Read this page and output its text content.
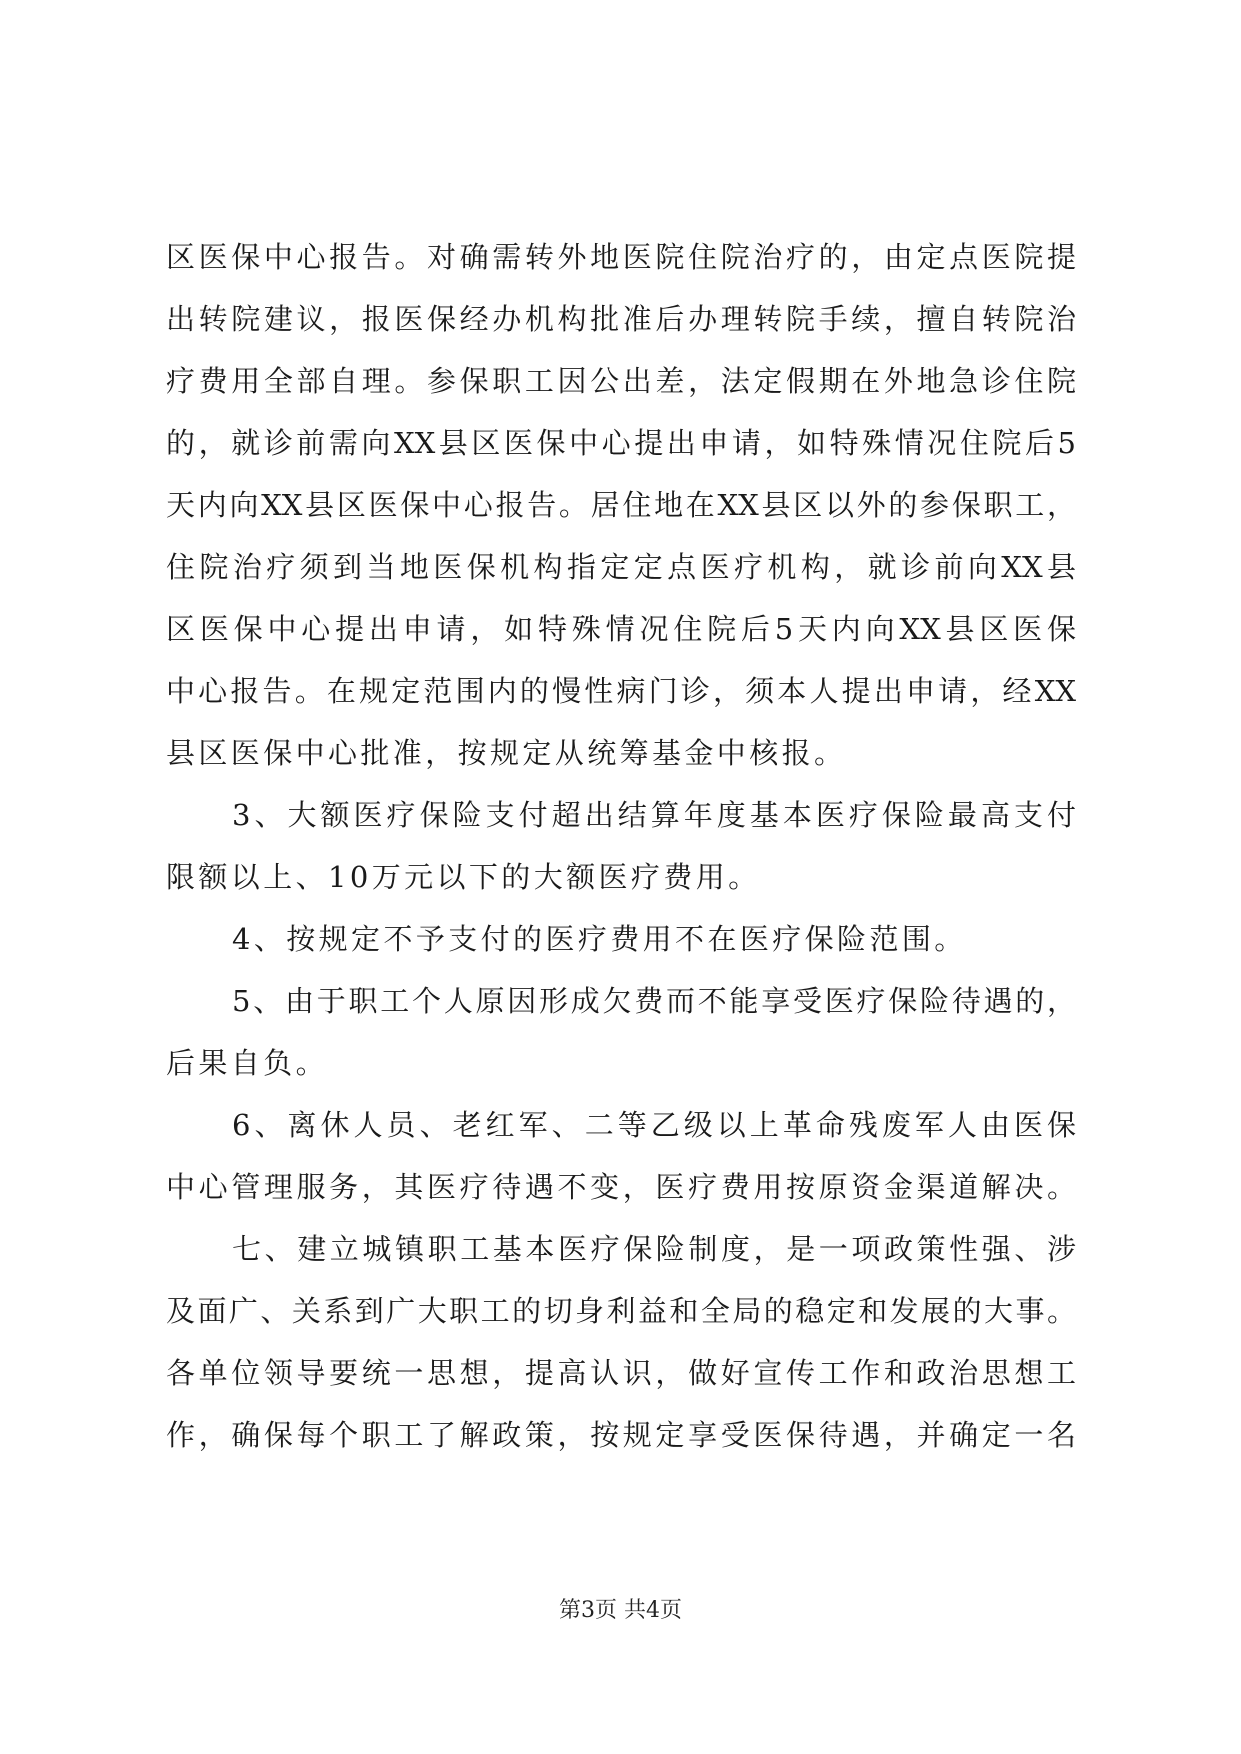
区医保中心报告。对确需转外地医院住院治疗的，由定点医院提
出转院建议，报医保经办机构批准后办理转院手续，擅自转院治
疗费用全部自理。参保职工因公出差，法定假期在外地急诊住院
的，就诊前需向XX县区医保中心提出申请，如特殊情况住院后5
天内向XX县区医保中心报告。居住地在XX县区以外的参保职工，
住院治疗须到当地医保机构指定定点医疗机构，就诊前向XX县
区医保中心提出申请，如特殊情况住院后5天内向XX县区医保
中心报告。在规定范围内的慢性病门诊，须本人提出申请，经XX
县区医保中心批准，按规定从统筹基金中核报。
3、大额医疗保险支付超出结算年度基本医疗保险最高支付
限额以上、10万元以下的大额医疗费用。
4、按规定不予支付的医疗费用不在医疗保险范围。
5、由于职工个人原因形成欠费而不能享受医疗保险待遇的，
后果自负。
6、离休人员、老红军、二等乙级以上革命残废军人由医保
中心管理服务，其医疗待遇不变，医疗费用按原资金渠道解决。
七、建立城镇职工基本医疗保险制度，是一项政策性强、涉
及面广、关系到广大职工的切身利益和全局的稳定和发展的大事。
各单位领导要统一思想，提高认识，做好宣传工作和政治思想工
作，确保每个职工了解政策，按规定享受医保待遇，并确定一名
第3页 共4页
